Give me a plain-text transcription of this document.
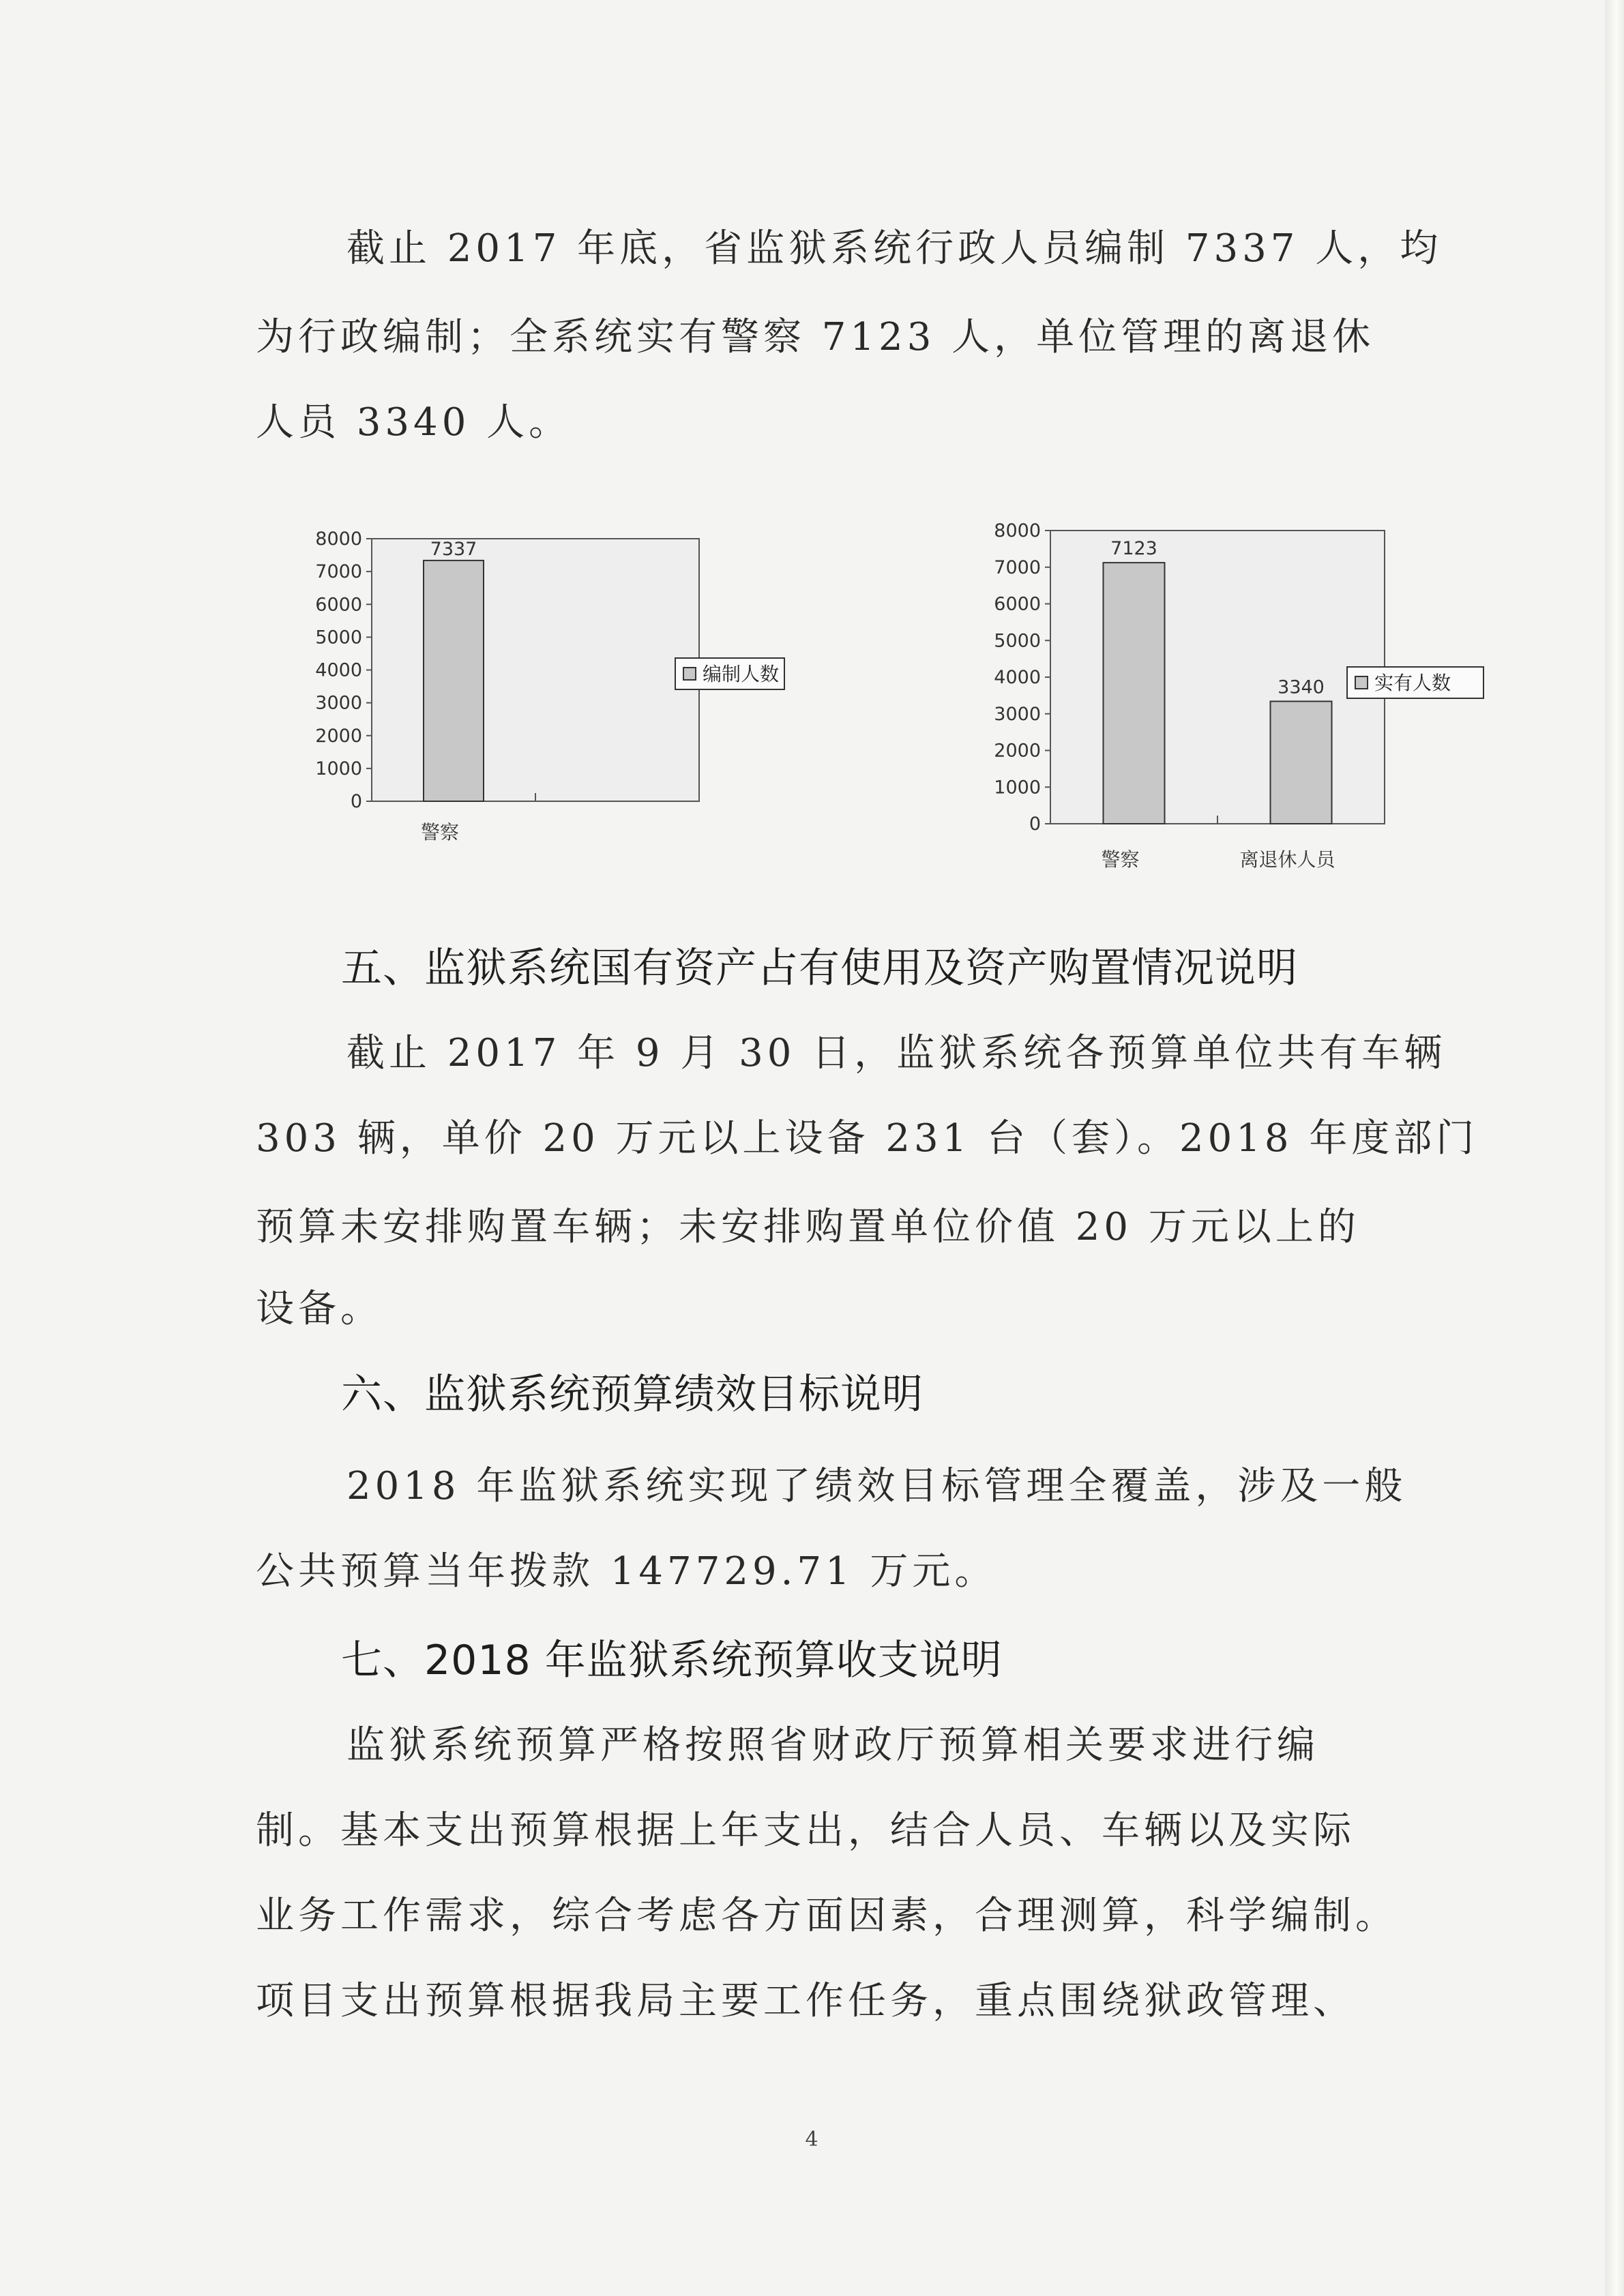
截止 2017 年底，省监狱系统行政人员编制 7337 人，均
为行政编制；全系统实有警察 7123 人，单位管理的离退休
人员 3340 人。
0
1000
2000
3000
4000
5000
6000
7000
8000	7337
警察
编制人数
0
1000
2000
3000
4000
5000
6000
7000
8000
7123
警察
3340
离退休人员
实有人数
五、监狱系统国有资产占有使用及资产购置情况说明
截止 2017 年 9 月 30 日，监狱系统各预算单位共有车辆
303 辆，单价 20 万元以上设备 231 台（套）。2018 年度部门
预算未安排购置车辆；未安排购置单位价值 20 万元以上的
设备。
六、监狱系统预算绩效目标说明
2018 年监狱系统实现了绩效目标管理全覆盖，涉及一般
公共预算当年拨款 147729.71 万元。
七、2018 年监狱系统预算收支说明
监狱系统预算严格按照省财政厅预算相关要求进行编
制。基本支出预算根据上年支出，结合人员、车辆以及实际
业务工作需求，综合考虑各方面因素，合理测算，科学编制。
项目支出预算根据我局主要工作任务，重点围绕狱政管理、
4
